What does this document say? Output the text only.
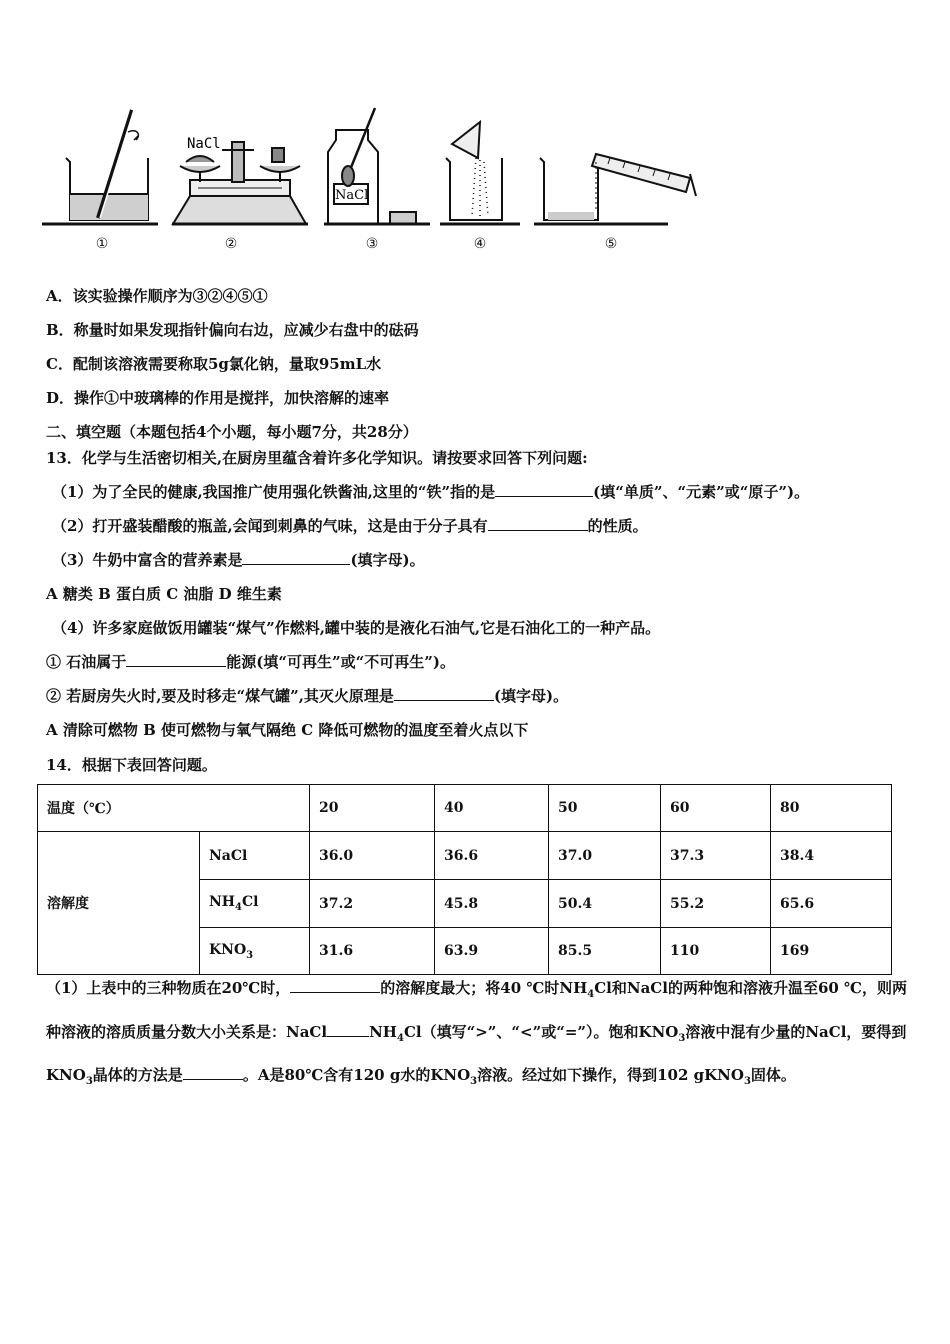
NaCl
NaCl
①	②	③	④	⑤
A．该实验操作顺序为③②④⑤①
B．称量时如果发现指针偏向右边，应减少右盘中的砝码
C．配制该溶液需要称取5g氯化钠，量取95mL水
D．操作①中玻璃棒的作用是搅拌，加快溶解的速率
二、填空题（本题包括4个小题，每小题7分，共28分）
13．化学与生活密切相关,在厨房里蕴含着许多化学知识。请按要求回答下列问题:
（1）为了全民的健康,我国推广使用强化铁酱油,这里的“铁”指的是	(填“单质”、“元素”或“原子”)。
（2）打开盛装醋酸的瓶盖,会闻到刺鼻的气味，这是由于分子具有	的性质。
（3）牛奶中富含的营养素是	(填字母)。
A 糖类 B 蛋白质 C 油脂 D 维生素
（4）许多家庭做饭用罐装“煤气”作燃料,罐中装的是液化石油气,它是石油化工的一种产品。
① 石油属于	能源(填“可再生”或“不可再生”)。
② 若厨房失火时,要及时移走“煤气罐”,其灭火原理是	(填字母)。
A 清除可燃物 B 使可燃物与氧气隔绝 C 降低可燃物的温度至着火点以下
14．根据下表回答问题。
温度（℃）		20	40	50	60	80
溶解度	NaCl	36.0	36.6	37.0	37.3	38.4
	$NH_4Cl$	37.2	45.8	50.4	55.2	65.6
	$KNO_3$	31.6	63.9	85.5	110	169
（1）上表中的三种物质在20℃时，	的溶解度最大；将40 ℃时$NH_4Cl$和NaCl的两种饱和溶液升温至60 ℃，则两种溶液的溶质质量分数大小关系是：NaCl	$NH_4Cl$（填写“>”、“<”或“=”）。饱和$KNO_3$溶液中混有少量的NaCl，要得到$KNO_3$晶体的方法是	。A是80℃含有120 g水的$KNO_3$溶液。经过如下操作，得到102 gKNO$_3$固体。
